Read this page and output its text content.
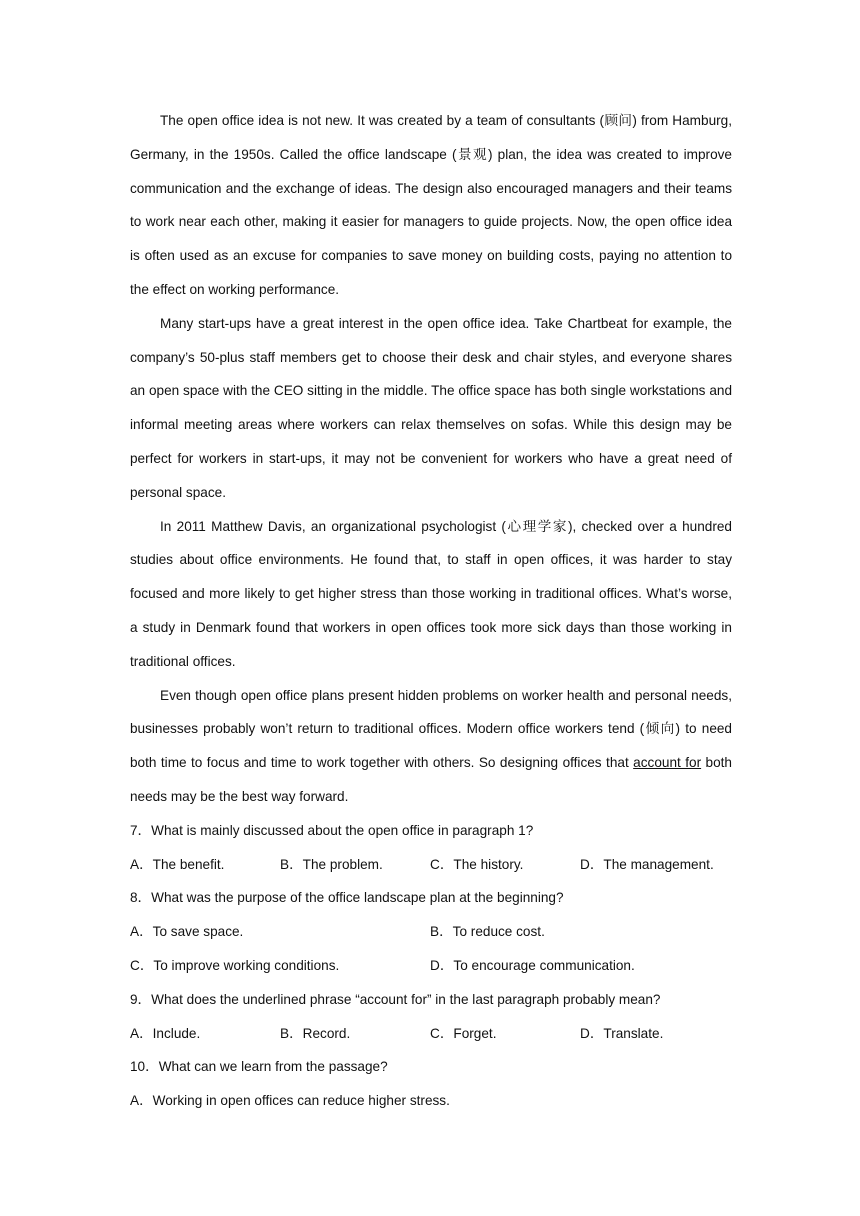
The open office idea is not new. It was created by a team of consultants (顾问) from Hamburg, Germany, in the 1950s. Called the office landscape (景观) plan, the idea was created to improve communication and the exchange of ideas. The design also encouraged managers and their teams to work near each other, making it easier for managers to guide projects. Now, the open office idea is often used as an excuse for companies to save money on building costs, paying no attention to the effect on working performance.

Many start-ups have a great interest in the open office idea. Take Chartbeat for example, the company’s 50-plus staff members get to choose their desk and chair styles, and everyone shares an open space with the CEO sitting in the middle. The office space has both single workstations and informal meeting areas where workers can relax themselves on sofas. While this design may be perfect for workers in start-ups, it may not be convenient for workers who have a great need of personal space.

In 2011 Matthew Davis, an organizational psychologist (心理学家), checked over a hundred studies about office environments. He found that, to staff in open offices, it was harder to stay focused and more likely to get higher stress than those working in traditional offices. What’s worse, a study in Denmark found that workers in open offices took more sick days than those working in traditional offices.

Even though open office plans present hidden problems on worker health and personal needs, businesses probably won’t return to traditional offices. Modern office workers tend (倾向) to need both time to focus and time to work together with others. So designing offices that account for both needs may be the best way forward.

7．What is mainly discussed about the open office in paragraph 1?

A．The benefit.	B．The problem.	C．The history.	D．The management.

8．What was the purpose of the office landscape plan at the beginning?

A．To save space.	B．To reduce cost.
C．To improve working conditions.	D．To encourage communication.

9．What does the underlined phrase “account for” in the last paragraph probably mean?

A．Include.	B．Record.	C．Forget.	D．Translate.

10．What can we learn from the passage?

A．Working in open offices can reduce higher stress.
